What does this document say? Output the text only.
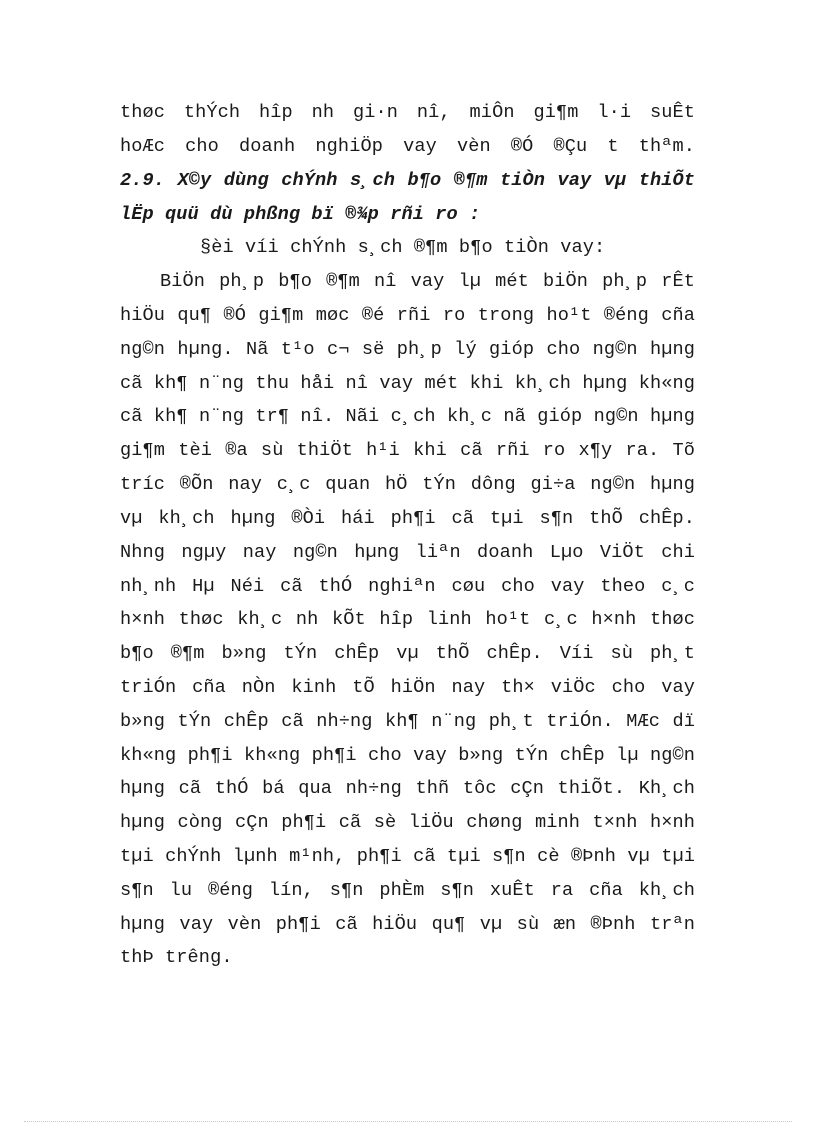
thøc thÝch hîp nh gi·n nî, miÔn gi¶m l·i suÊt
hoÆc cho doanh nghiÖp vay vèn ®Ó ®Çu t thªm.
2.9. X©y dùng chÝnh s¸ch b¶o ®¶m tiÒn vay vµ thiÕt
lËp quü dù phßng bï ®¾p rñi ro :
§èi víi chÝnh s¸ch ®¶m b¶o tiÒn vay:
BiÖn ph¸p b¶o ®¶m nî vay lµ mét biÖn ph¸p rÊt
hiÖu qu¶ ®Ó gi¶m møc ®é rñi ro trong ho¹t ®éng cña
ng©n hµng. Nã t¹o c¬ së ph¸p lý gióp cho ng©n hµng
cã kh¶ n¨ng thu håi nî vay mét khi kh¸ch hµng kh«ng
cã kh¶ n¨ng tr¶ nî. Nãi c¸ch kh¸c nã gióp ng©n hµng
gi¶m tèi ®a sù thiÖt h¹i khi cã rñi ro x¶y ra. Tõ
tríc ®Õn nay c¸c quan hÖ tÝn dông gi÷a ng©n hµng
vµ kh¸ch hµng ®Òi hái ph¶i cã tµi s¶n thÕ chÊp.
Nhng ngµy nay ng©n hµng liªn doanh Lµo ViÖt chi
nh¸nh Hµ Néi cã thÓ nghiªn cøu cho vay theo c¸c
h×nh thøc kh¸c nh kÕt hîp linh ho¹t c¸c h×nh thøc
b¶o ®¶m b»ng tÝn chÊp vµ thÕ chÊp. Víi sù ph¸t
triÓn cña nÒn kinh tÕ hiÖn nay th× viÖc cho vay
b»ng tÝn chÊp cã nh÷ng kh¶ n¨ng ph¸t triÓn. MÆc dï
kh«ng ph¶i kh«ng ph¶i cho vay b»ng tÝn chÊp lµ ng©n
hµng cã thÓ bá qua nh÷ng thñ tôc cÇn thiÕt. Kh¸ch
hµng còng cÇn ph¶i cã sè liÖu chøng minh t×nh h×nh
tµi chÝnh lµnh m¹nh, ph¶i cã tµi s¶n cè ®Þnh vµ tµi
s¶n lu ®éng lín, s¶n phÈm s¶n xuÊt ra cña kh¸ch
hµng vay vèn ph¶i cã hiÖu qu¶ vµ sù æn ®Þnh trªn
thÞ trêng.
